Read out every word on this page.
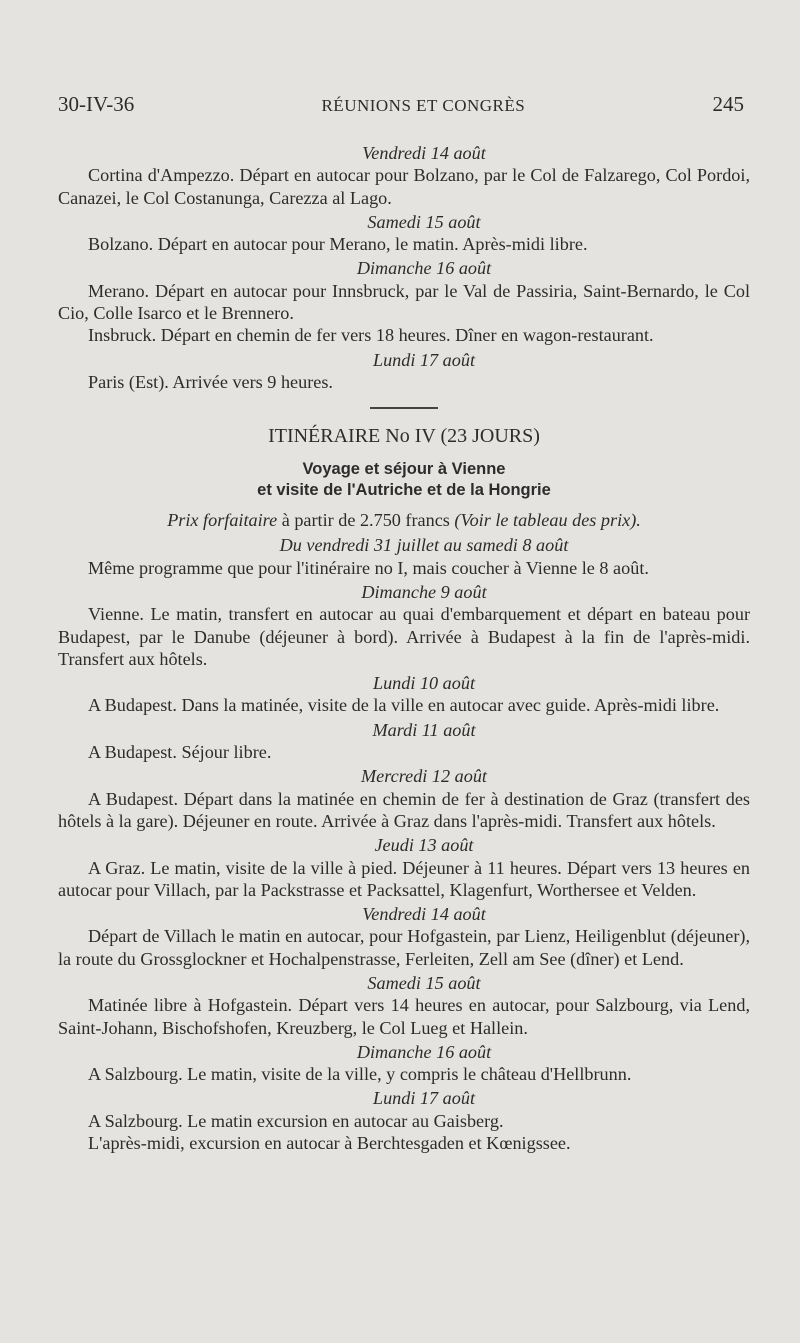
30-IV-36	RÉUNIONS ET CONGRÈS	245
Vendredi 14 août
Cortina d'Ampezzo. Départ en autocar pour Bolzano, par le Col de Falzarego, Col Pordoi, Canazei, le Col Costanunga, Carezza al Lago.
Samedi 15 août
Bolzano. Départ en autocar pour Merano, le matin. Après-midi libre.
Dimanche 16 août
Merano. Départ en autocar pour Innsbruck, par le Val de Passiria, Saint-Bernardo, le Col Cio, Colle Isarco et le Brennero.
Insbruck. Départ en chemin de fer vers 18 heures. Dîner en wagon-restaurant.
Lundi 17 août
Paris (Est). Arrivée vers 9 heures.
ITINÉRAIRE No IV (23 JOURS)
Voyage et séjour à Vienne
et visite de l'Autriche et de la Hongrie
Prix forfaitaire à partir de 2.750 francs (Voir le tableau des prix).
Du vendredi 31 juillet au samedi 8 août
Même programme que pour l'itinéraire no I, mais coucher à Vienne le 8 août.
Dimanche 9 août
Vienne. Le matin, transfert en autocar au quai d'embarquement et départ en bateau pour Budapest, par le Danube (déjeuner à bord). Arrivée à Budapest à la fin de l'après-midi. Transfert aux hôtels.
Lundi 10 août
A Budapest. Dans la matinée, visite de la ville en autocar avec guide. Après-midi libre.
Mardi 11 août
A Budapest. Séjour libre.
Mercredi 12 août
A Budapest. Départ dans la matinée en chemin de fer à destination de Graz (transfert des hôtels à la gare). Déjeuner en route. Arrivée à Graz dans l'après-midi. Transfert aux hôtels.
Jeudi 13 août
A Graz. Le matin, visite de la ville à pied. Déjeuner à 11 heures. Départ vers 13 heures en autocar pour Villach, par la Packstrasse et Packsattel, Klagenfurt, Worthersee et Velden.
Vendredi 14 août
Départ de Villach le matin en autocar, pour Hofgastein, par Lienz, Heiligenblut (déjeuner), la route du Grossglockner et Hochalpenstrasse, Ferleiten, Zell am See (dîner) et Lend.
Samedi 15 août
Matinée libre à Hofgastein. Départ vers 14 heures en autocar, pour Salzbourg, via Lend, Saint-Johann, Bischofshofen, Kreuzberg, le Col Lueg et Hallein.
Dimanche 16 août
A Salzbourg. Le matin, visite de la ville, y compris le château d'Hellbrunn.
Lundi 17 août
A Salzbourg. Le matin excursion en autocar au Gaisberg.
L'après-midi, excursion en autocar à Berchtesgaden et Kœnigssee.
